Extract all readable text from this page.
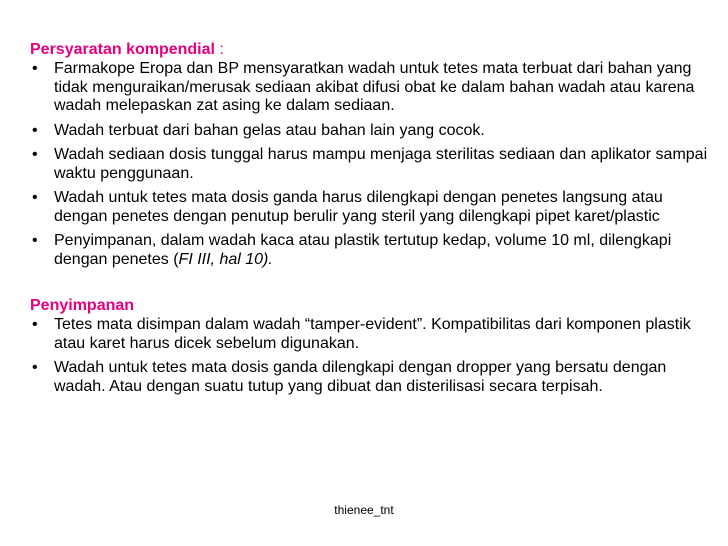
Persyaratan kompendial :

• Farmakope Eropa dan BP mensyaratkan wadah untuk tetes mata terbuat dari bahan yang tidak menguraikan/merusak sediaan akibat difusi obat ke dalam bahan wadah atau karena wadah melepaskan zat asing ke dalam sediaan.
• Wadah terbuat dari bahan gelas atau bahan lain yang cocok.
• Wadah sediaan dosis tunggal harus mampu menjaga sterilitas sediaan dan aplikator sampai waktu penggunaan.
• Wadah untuk tetes mata dosis ganda harus dilengkapi dengan penetes langsung atau dengan penetes dengan penutup berulir yang steril yang dilengkapi pipet karet/plastic
• Penyimpanan, dalam wadah kaca atau plastik tertutup kedap, volume 10 ml, dilengkapi dengan penetes (FI III, hal 10).

Penyimpanan

• Tetes mata disimpan dalam wadah “tamper-evident”. Kompatibilitas dari komponen plastik atau karet harus dicek sebelum digunakan.
• Wadah untuk tetes mata dosis ganda dilengkapi dengan dropper yang bersatu dengan wadah. Atau dengan suatu tutup yang dibuat dan disterilisasi secara terpisah.
thienee_tnt
